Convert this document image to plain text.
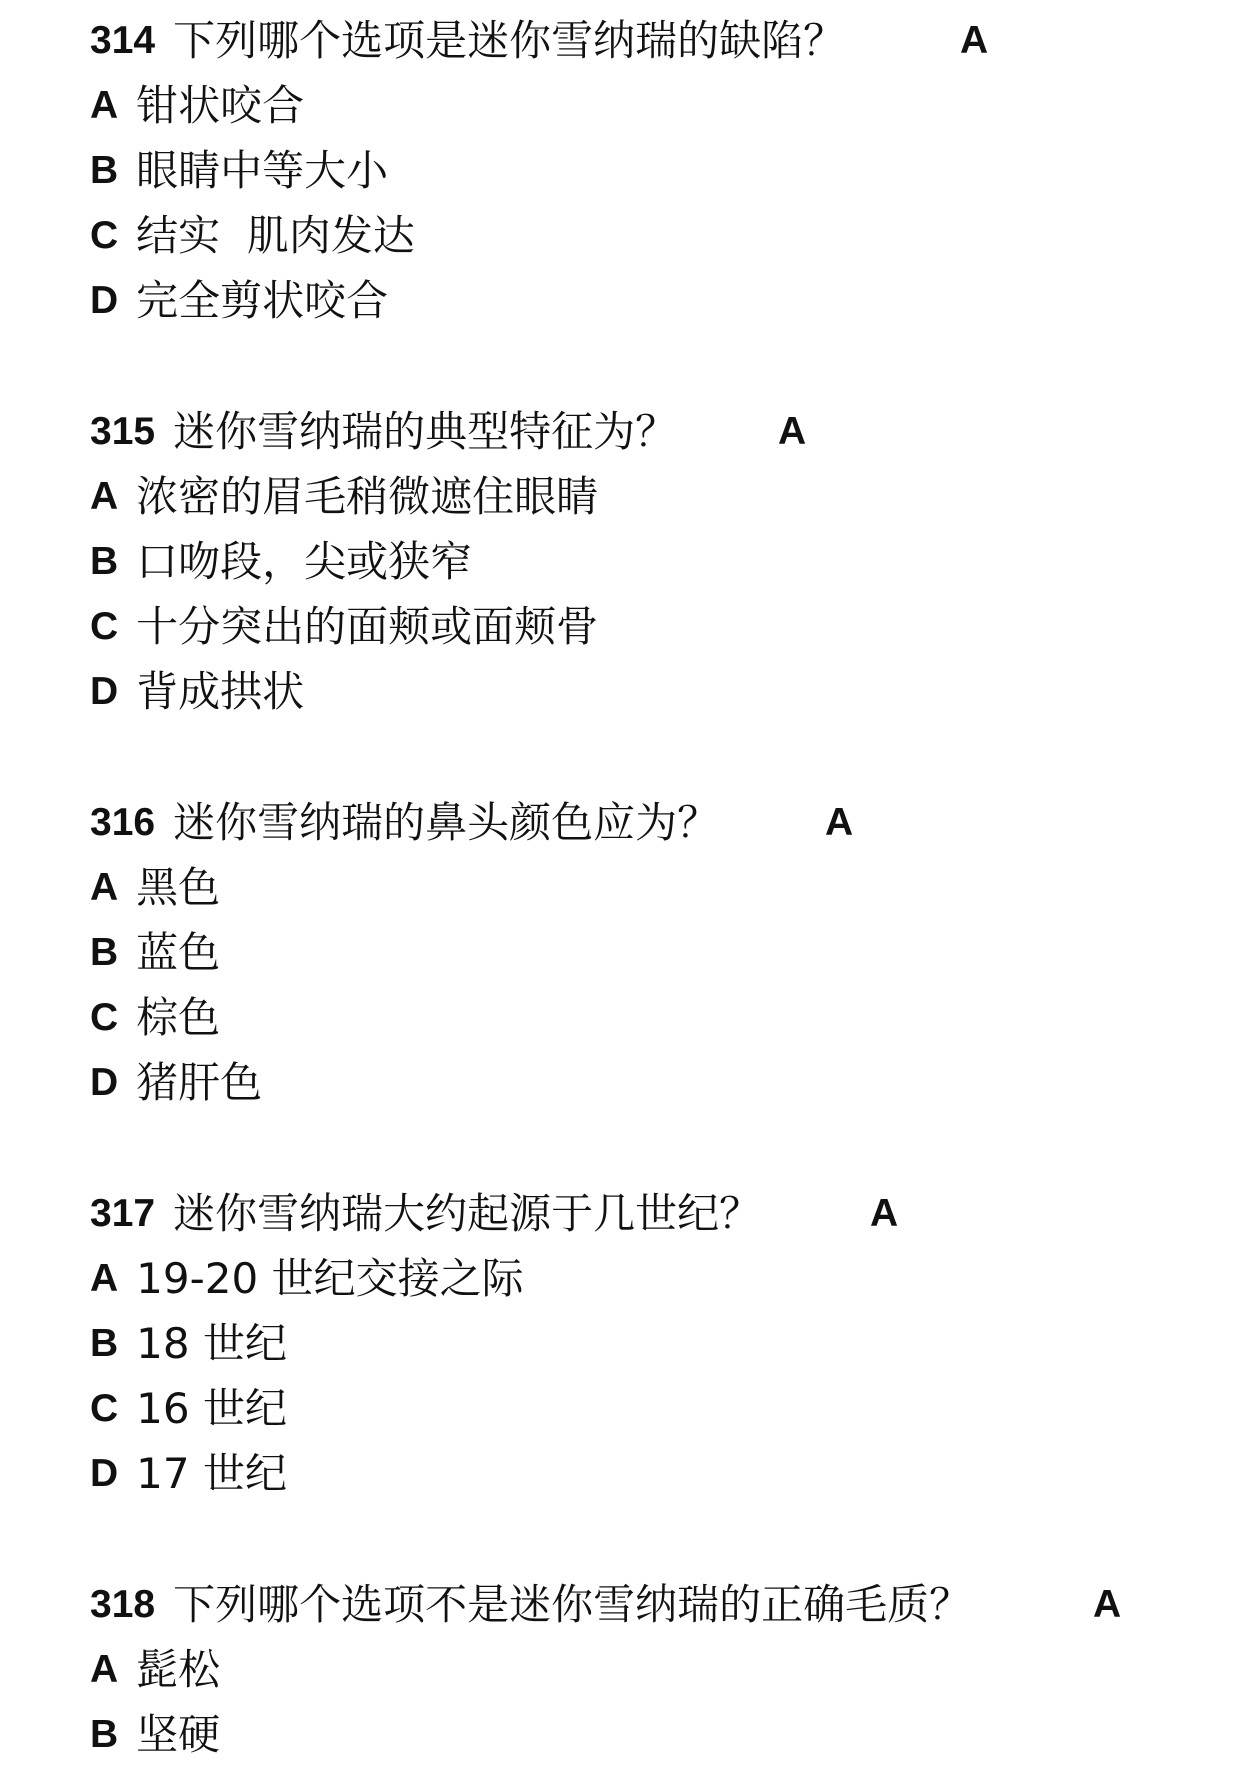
314 下列哪个选项是迷你雪纳瑞的缺陷？	A
A 钳状咬合
B 眼睛中等大小
C 结实  肌肉发达
D 完全剪状咬合
315 迷你雪纳瑞的典型特征为？	A
A 浓密的眉毛稍微遮住眼睛
B 口吻段，尖或狭窄
C 十分突出的面颊或面颊骨
D 背成拱状
316 迷你雪纳瑞的鼻头颜色应为？	A
A 黑色
B 蓝色
C 棕色
D 猪肝色
317 迷你雪纳瑞大约起源于几世纪？	A
A 19-20 世纪交接之际
B 18 世纪
C 16 世纪
D 17 世纪
318 下列哪个选项不是迷你雪纳瑞的正确毛质？	A
A 髭松
B 坚硬
